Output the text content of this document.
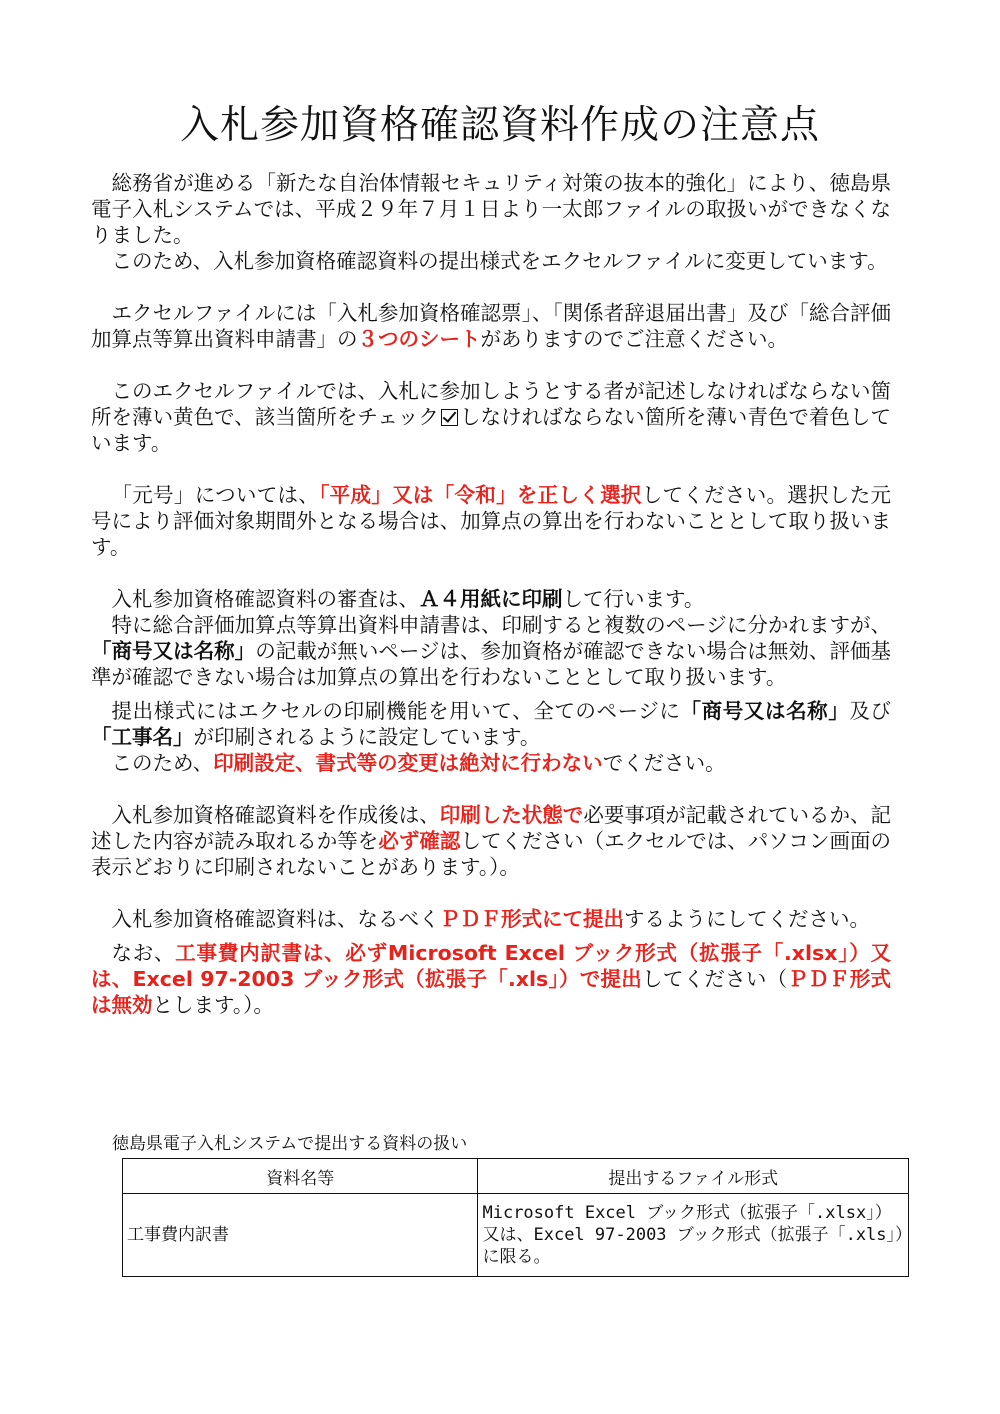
入札参加資格確認資料作成の注意点

総務省が進める「新たな自治体情報セキュリティ対策の抜本的強化」により、徳島県電子入札システムでは、平成２９年７月１日より一太郎ファイルの取扱いができなくなりました。

このため、入札参加資格確認資料の提出様式をエクセルファイルに変更しています。

エクセルファイルには「入札参加資格確認票」、「関係者辞退届出書」及び「総合評価加算点等算出資料申請書」の３つのシートがありますのでご注意ください。

このエクセルファイルでは、入札に参加しようとする者が記述しなければならない箇所を薄い黄色で、該当箇所をチェック しなければならない箇所を薄い青色で着色しています。

「元号」については、「平成」又は「令和」を正しく選択してください。選択した元号により評価対象期間外となる場合は、加算点の算出を行わないこととして取り扱います。

入札参加資格確認資料の審査は、Ａ４用紙に印刷して行います。

特に総合評価加算点等算出資料申請書は、印刷すると複数のページに分かれますが、「商号又は名称」の記載が無いページは、参加資格が確認できない場合は無効、評価基準が確認できない場合は加算点の算出を行わないこととして取り扱います。

提出様式にはエクセルの印刷機能を用いて、全てのページに「商号又は名称」及び「工事名」が印刷されるように設定しています。

このため、印刷設定、書式等の変更は絶対に行わないでください。

入札参加資格確認資料を作成後は、印刷した状態で必要事項が記載されているか、記述した内容が読み取れるか等を必ず確認してください（エクセルでは、パソコン画面の表示どおりに印刷されないことがあります。）。

入札参加資格確認資料は、なるべくＰＤＦ形式にて提出するようにしてください。

なお、工事費内訳書は、必ずMicrosoft Excel ブック形式（拡張子「.xlsx」）又は、Excel 97-2003 ブック形式（拡張子「.xls」）で提出してください（ＰＤＦ形式は無効とします。）。

徳島県電子入札システムで提出する資料の扱い
資料名等	提出するファイル形式
工事費内訳書	Microsoft Excel ブック形式（拡張子「.xlsx」）又は、Excel 97-2003 ブック形式（拡張子「.xls」）に限る。
